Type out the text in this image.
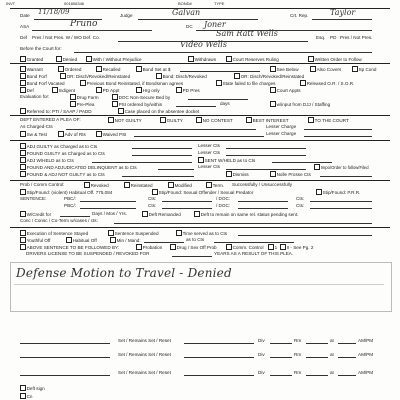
INVT	001806346	BOND#	TYPE
Date 11/18/09	Judge	Galvan	Crt. Rep.	Taylor
ASA	Pruno	DC Joner
Def Pres / Not Pres. W / WO Def. Co.	Sam Ratt Wells	Esq. PD Pres / Not Pres.
Before the Court for:	Video Wells
Granted	Denied	With / Without Prejudice	Withdrawn	Court Reserves Ruling	Written Order to Follow
Warrant	Ordered	Recalled	Bond Set at $	See Below	Also Covers	Sp Cond
Bond Forf	OR: Disch/Revoked/Reinstated	Bond: Disch/Revoked	OR: Disch/Revoked/Reinstated
Bond Forf Vacated	Previous Bond Reinstated, if Bondsman agrees	State failed to file charges	Released O.R. / S.O.R.
Def	Indigent	PD Appt	Hrg only	PD Pres	Court Appts
Evaluation for:	Drug Farm	DOC Non-Secure Bed by
Pre-Plea	PSI ordered by/within	days	w/input from DJJ / Staffing
Referred to: PTI / SAAP / PADD	Case placed on the absentee docket
DEFT ENTERED A PLEA OF:	NOT GUILTY	GUILTY	NO CONTEST	BEST INTEREST	TO THE COURT
As Charged-Cts	Lesser Charge
Sw & Test	Adv of Rts	Waived PSI	Lesser Charge
ADJ GUILTY as Charged as to Cts	Lesser Cts
FOUND GUILTY as Charged as to Cts	Lesser Cts
ADJ W/HELD as to Cts	SENT W/HELD as to Cts
FOUND AND ADJUDICATED DELINQUENT as to Cts	Lesser Cts	Impo/Order to follow/Filed
FOUND & ADJ NOT GUILTY as to Cts	Dismiss	Nolle Prosse Cts
Prob / Comm Control:	Revoked	Reinstated	Modified	Term. Successfully / Unsuccessfully
Stip/Found: (violent) Habitual Off. 775.084	Stip/Found: Sexual Offender / Sexual Predator	Stip/Found: P.R.R.
SENTENCE:	PBC/:	Cts:	/ DOC:	Cts:
PBC/:	Cts:	/ DOC:	Cts:
W/Credit for	Days / Mos / Yrs.	Deft Remanded	Deft to remain on same rel. status pending sent.
Conc / Consc / Co-Term w/cases / cts:
Execution of Sentence Stayed	Sentence Suspended	Time served as to Cts
Youthful Off	Habitual Off	Min / Mand:	as to Cts
ABOVE SENTENCE TO BE FOLLOWED BY:	Probation	Drug / Sex Off Prob	Comm. Control	1	II - See Pg. 2
DRIVERS LICENSE TO BE SUSPENDED / REVOKED FOR	YEARS AS A RESULT OF THIS PLEA.
Defense Motion to Travel - Denied
Set / Remains Set / Reset	Div	Rm	at	AM/PM
Set / Remains Set / Reset	Div	Rm	at	AM/PM
Set / Remains Set / Reset	Div	Rm	at	AM/PM
Deft sign
Cn
